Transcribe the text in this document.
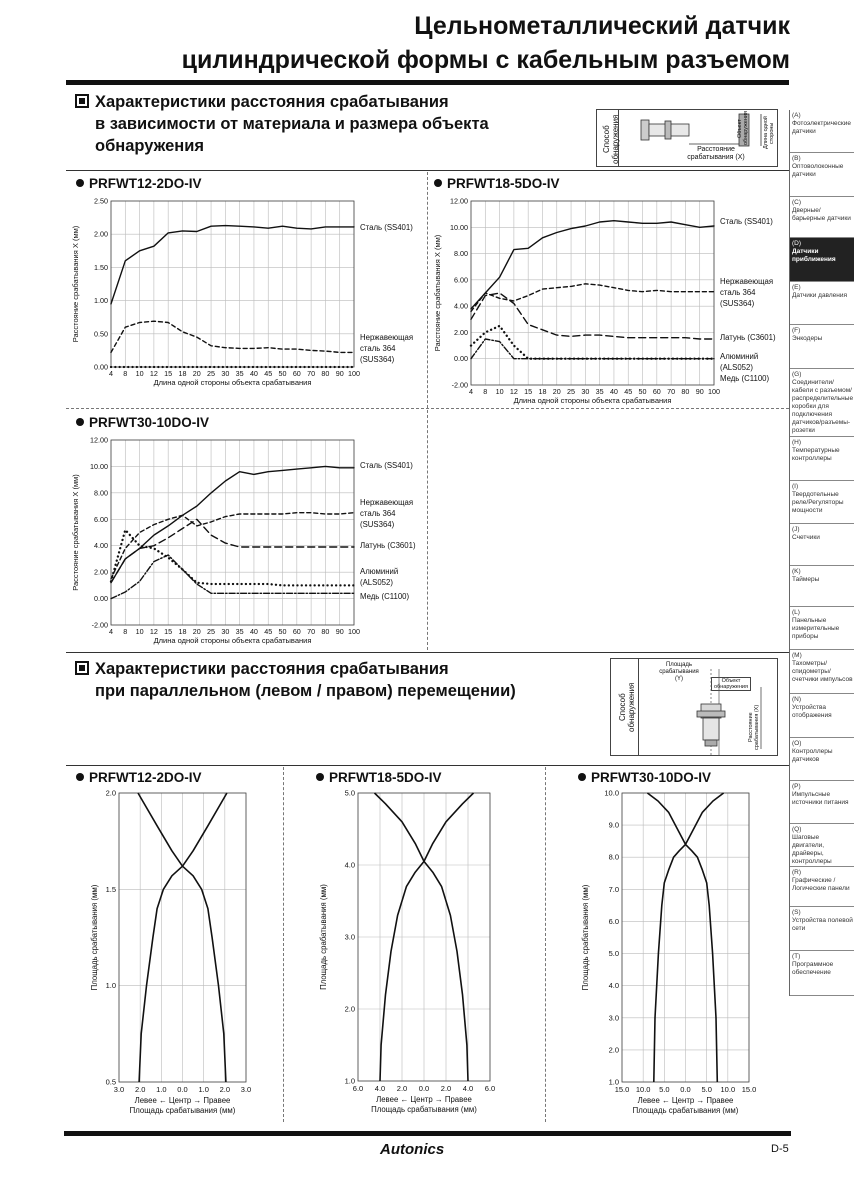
Цельнометаллический датчик
цилиндрической формы с кабельным разъемом
Характеристики расстояния срабатывания
в зависимости от материала и размера объекта
обнаружения	Способ обнаружения	Расстояние срабатывания (X)
Объект обнаружения	Длина одной стороны
PRFWT12-2DO-IV	PRFWT18-5DO-IV
PRFWT30-10DO-IV
4 8 10 12 15 18 20 25 30 35 40 45 50 60 70 80 90 100
0.00
0.50
1.00
1.50
2.00
2.50
Длина одной стороны объекта срабатывания
Расстояние срабатывания X (мм)	Сталь (SS401)
Нержавеющая
сталь 364
(SUS364)
4 8 10 12 15 18 20 25 30 35 40 45 50 60 70 80 90 100
-2.00
0.00
2.00
4.00
6.00
8.00
10.00
12.00
Длина одной стороны объекта срабатывания
Расстояние срабатывания X (мм)
Сталь (SS401)
Нержавеющая
сталь 364
(SUS364)
Латунь (C3601)
Алюминий
(ALS052)
Медь (C1100)
4 8 10 12 15 18 20 25 30 35 40 45 50 60 70 80 90 100
-2.00
0.00
2.00
4.00
6.00
8.00
10.00
12.00
Длина одной стороны объекта срабатывания
Расстояние срабатывания X (мм)
Сталь (SS401)
Нержавеющая
сталь 364
(SUS364)
Латунь (C3601)
Алюминий
(ALS052)
Медь (C1100)
Характеристики расстояния срабатывания
при параллельном (левом / правом) перемещении)
Способ обнаружения
Площадь срабатывания (Y)	Объект обнаружения
Расстояние срабатывания (X)
PRFWT12-2DO-IV	PRFWT18-5DO-IV	PRFWT30-10DO-IV
3.0 2.0 1.0 0.0 1.0 2.0 3.0
0.5
1.0
1.5
2.0
Левее ← Центр → Правее
Площадь срабатывания (мм)
Площадь срабатывания (мм)
6.0 4.0 2.0 0.0 2.0 4.0 6.0
1.0
2.0
3.0
4.0
5.0
Левее ← Центр → Правее
Площадь срабатывания (мм)
Площадь срабатывания (мм)
15.0 10.0 5.0 0.0 5.0 10.0 15.0
1.0
2.0
3.0
4.0
5.0
6.0
7.0
8.0
9.0
10.0
Левее ← Центр → Правее
Площадь срабатывания (мм)
Площадь срабатывания (мм)
(A)
Фотоэлектрические датчики
(B)
Оптоволоконные датчики
(C)
Дверные/барьерные датчики
(D)
Датчики приближения
(E)
Датчики давления
(F)
Энкодеры
(G)
Соединители/кабели с разъемом/распределительные коробки для подключения датчиков/разъемы-розетки
(H)
Температурные контроллеры
(I)
Твердотельные реле/Регуляторы мощности
(J)
Счетчики
(K)
Таймеры
(L)
Панельные измерительные приборы
(M)
Тахометры/спидометры/счетчики импульсов
(N)
Устройства отображения
(O)
Контроллеры датчиков
(P)
Импульсные источники питания
(Q)
Шаговые двигатели, драйверы, контроллеры
(R)
Графические / Логические панели
(S)
Устройства полевой сети
(T)
Программное обеспечение
Autonics	D-5
